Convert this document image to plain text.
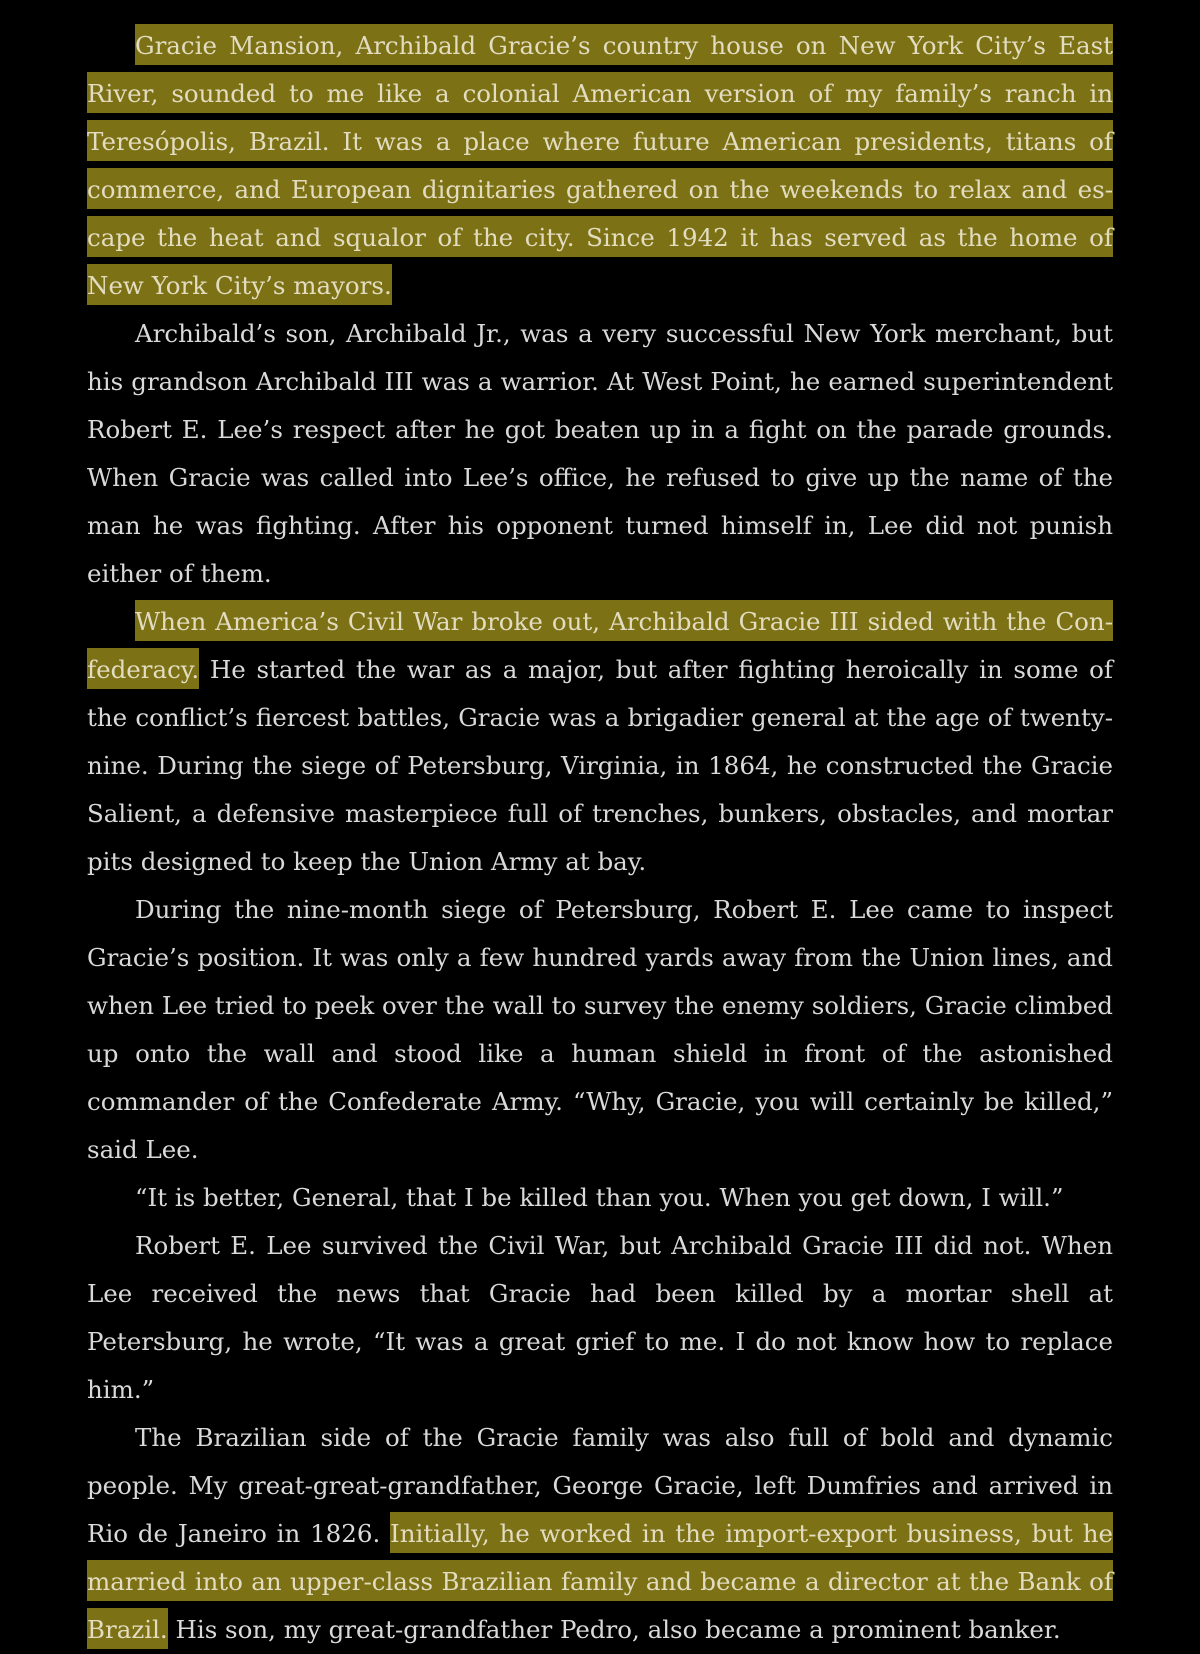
Gracie Mansion, Archibald Gracie’s country house on New York City’s East River, sounded to me like a colonial American version of my family’s ranch in Teresópolis, Brazil. It was a place where future American presidents, titans of commerce, and European dignitaries gathered on the weekends to relax and escape the heat and squalor of the city. Since 1942 it has served as the home of New York City’s mayors.

Archibald’s son, Archibald Jr., was a very successful New York merchant, but his grandson Archibald III was a warrior. At West Point, he earned superintendent Robert E. Lee’s respect after he got beaten up in a fight on the parade grounds. When Gracie was called into Lee’s office, he refused to give up the name of the man he was fighting. After his opponent turned himself in, Lee did not punish either of them.

When America’s Civil War broke out, Archibald Gracie III sided with the Confederacy. He started the war as a major, but after fighting heroically in some of the conflict’s fiercest battles, Gracie was a brigadier general at the age of twenty-nine. During the siege of Petersburg, Virginia, in 1864, he constructed the Gracie Salient, a defensive masterpiece full of trenches, bunkers, obstacles, and mortar pits designed to keep the Union Army at bay.

During the nine-month siege of Petersburg, Robert E. Lee came to inspect Gracie’s position. It was only a few hundred yards away from the Union lines, and when Lee tried to peek over the wall to survey the enemy soldiers, Gracie climbed up onto the wall and stood like a human shield in front of the astonished commander of the Confederate Army. “Why, Gracie, you will certainly be killed,” said Lee.

“It is better, General, that I be killed than you. When you get down, I will.”

Robert E. Lee survived the Civil War, but Archibald Gracie III did not. When Lee received the news that Gracie had been killed by a mortar shell at Petersburg, he wrote, “It was a great grief to me. I do not know how to replace him.”

The Brazilian side of the Gracie family was also full of bold and dynamic people. My great-great-grandfather, George Gracie, left Dumfries and arrived in Rio de Janeiro in 1826. Initially, he worked in the import-export business, but he married into an upper-class Brazilian family and became a director at the Bank of Brazil. His son, my great-grandfather Pedro, also became a prominent banker.
